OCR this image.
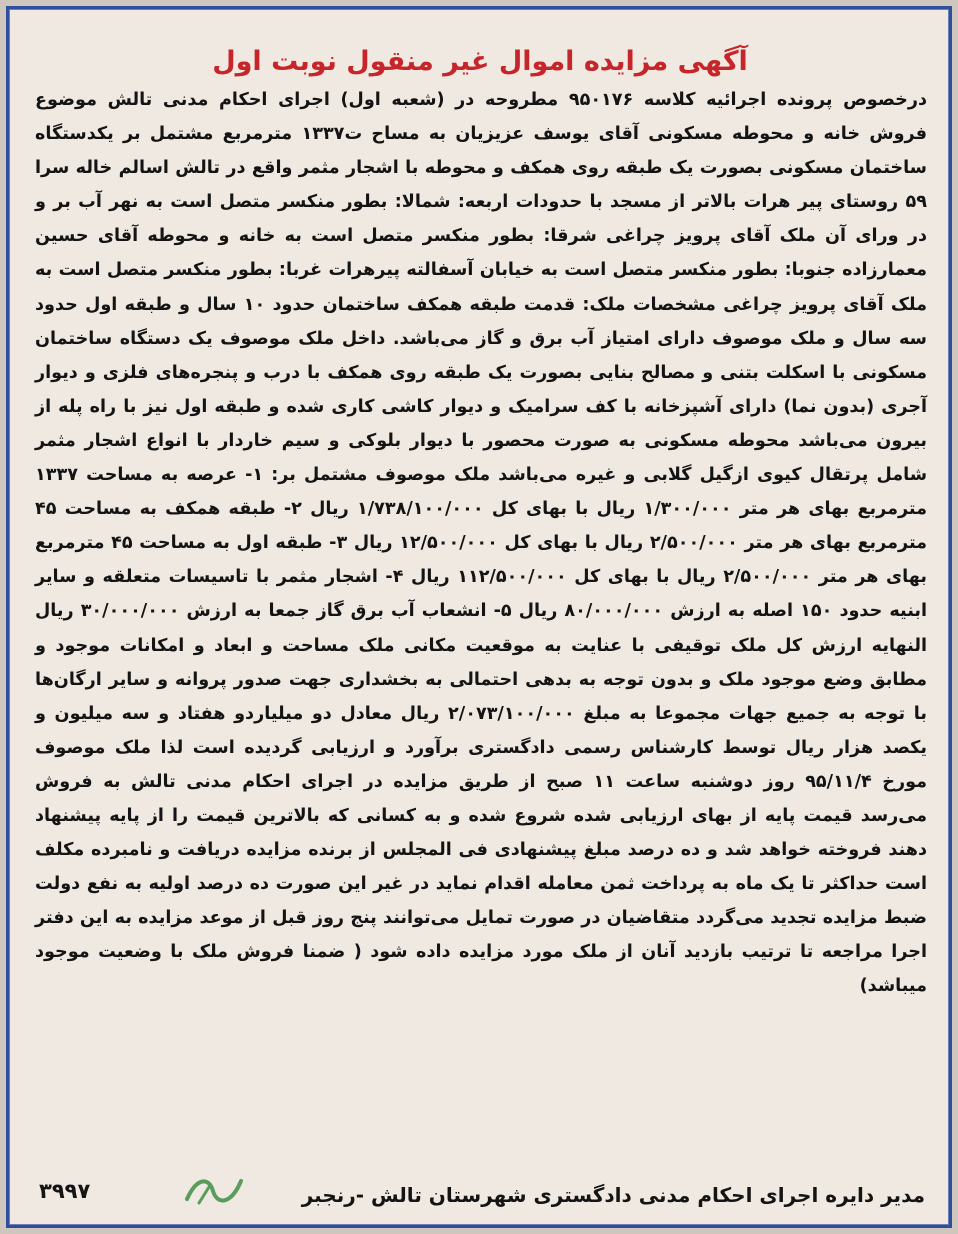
آگهی مزایده اموال غیر منقول نوبت اول

درخصوص پرونده اجرائیه کلاسه ۹۵۰۱۷۶ مطروحه در (شعبه اول) اجرای احکام مدنی تالش موضوع فروش خانه و محوطه مسکونی آقای یوسف عزیزیان به مساح ت۱۳۳۷ مترمربع مشتمل بر یکدستگاه ساختمان مسکونی بصورت یک طبقه روی همکف و محوطه با اشجار مثمر واقع در تالش اسالم خاله سرا ۵۹ روستای پیر هرات بالاتر از مسجد با حدودات اربعه: شمالا: بطور منکسر متصل است به نهر آب بر و در ورای آن ملک آقای پرویز چراغی شرقا: بطور منکسر متصل است به خانه و محوطه آقای حسین معمارزاده جنوبا: بطور منکسر متصل است به خیابان آسفالته پیرهرات غربا: بطور منکسر متصل است به ملک آقای پرویز چراغی مشخصات ملک: قدمت طبقه همکف ساختمان حدود ۱۰ سال و طبقه اول حدود سه سال و ملک موصوف دارای امتیاز آب برق و گاز می‌باشد. داخل ملک موصوف یک دستگاه ساختمان مسکونی با اسکلت بتنی و مصالح بنایی بصورت یک طبقه روی همکف با درب و پنجره‌های فلزی و دیوار آجری (بدون نما) دارای آشپزخانه با کف سرامیک و دیوار کاشی کاری شده و طبقه اول نیز با راه پله از بیرون می‌باشد محوطه مسکونی به صورت محصور با دیوار بلوکی و سیم خاردار با انواع اشجار مثمر شامل پرتقال کیوی ازگیل گلابی و غیره می‌باشد ملک موصوف مشتمل بر: ۱- عرصه به مساحت ۱۳۳۷ مترمربع بهای هر متر ۱/۳۰۰/۰۰۰ ریال با بهای کل ۱/۷۳۸/۱۰۰/۰۰۰ ریال ۲- طبقه همکف به مساحت ۴۵ مترمربع بهای هر متر ۲/۵۰۰/۰۰۰ ریال با بهای کل ۱۲/۵۰۰/۰۰۰ ریال ۳- طبقه اول به مساحت ۴۵ مترمربع بهای هر متر ۲/۵۰۰/۰۰۰ ریال با بهای کل ۱۱۲/۵۰۰/۰۰۰ ریال ۴- اشجار مثمر با تاسیسات متعلقه و سایر ابنیه حدود ۱۵۰ اصله به ارزش ۸۰/۰۰۰/۰۰۰ ریال ۵- انشعاب آب برق گاز جمعا به ارزش ۳۰/۰۰۰/۰۰۰ ریال النهایه ارزش کل ملک توقیفی با عنایت به موقعیت مکانی ملک مساحت و ابعاد و امکانات موجود و مطابق وضع موجود ملک و بدون توجه به بدهی احتمالی به بخشداری جهت صدور پروانه و سایر ارگان‌ها با توجه به جمیع جهات مجموعا به مبلغ ۲/۰۷۳/۱۰۰/۰۰۰ ریال معادل دو میلیاردو هفتاد و سه میلیون و یکصد هزار ریال توسط کارشناس رسمی دادگستری برآورد و ارزیابی گردیده است لذا ملک موصوف مورخ ۹۵/۱۱/۴ روز دوشنبه ساعت ۱۱ صبح از طریق مزایده در اجرای احکام مدنی تالش به فروش می‌رسد قیمت پایه از بهای ارزیابی شده شروع شده و به کسانی که بالاترین قیمت را از پایه پیشنهاد دهند فروخته خواهد شد و ده درصد مبلغ پیشنهادی فی المجلس از برنده مزایده دریافت و نامبرده مکلف است حداکثر تا یک ماه به پرداخت ثمن معامله اقدام نماید در غیر این صورت ده درصد اولیه به نفع دولت ضبط مزایده تجدید می‌گردد متقاضیان در صورت تمایل می‌توانند پنج روز قبل از موعد مزایده به این دفتر اجرا مراجعه تا ترتیب بازدید آنان از ملک مورد مزایده داده شود ( ضمنا فروش ملک با وضعیت موجود میباشد)

مدیر دایره اجرای احکام مدنی دادگستری شهرستان تالش -رنجبر
۳۹۹۷
